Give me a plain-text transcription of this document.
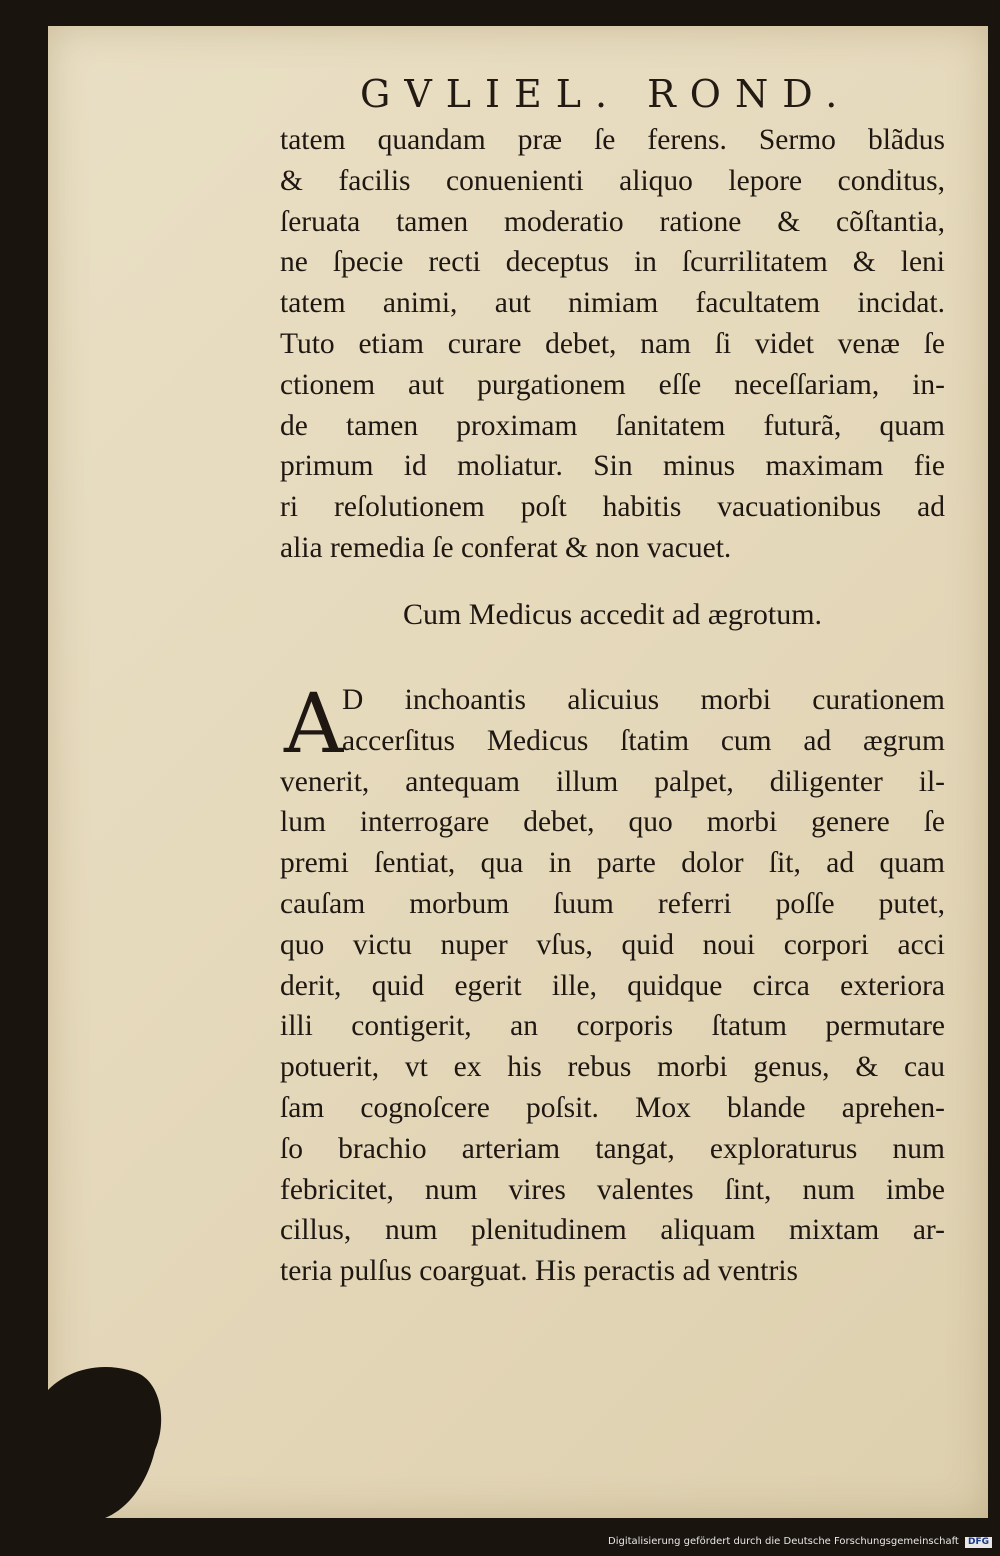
GVLIEL. ROND.
tatem quandam præ ſe ferens. Sermo blãdus
& facilis conuenienti aliquo lepore conditus,
ſeruata tamen moderatio ratione & cõſtantia,
ne ſpecie recti deceptus in ſcurrilitatem & leni
tatem animi, aut nimiam facultatem incidat.
Tuto etiam curare debet, nam ſi videt venæ ſe
ctionem aut purgationem eſſe neceſſariam, in-
de tamen proximam ſanitatem futurã, quam
primum id moliatur. Sin minus maximam fie
ri reſolutionem poſt habitis vacuationibus ad
alia remedia ſe conferat & non vacuet.
Cum Medicus accedit ad ægrotum.
A
D inchoantis alicuius morbi curationem
accerſitus Medicus ſtatim cum ad ægrum
venerit, antequam illum palpet, diligenter il-
lum interrogare debet, quo morbi genere ſe
premi ſentiat, qua in parte dolor ſit, ad quam
cauſam morbum ſuum referri poſſe putet,
quo victu nuper vſus, quid noui corpori acci
derit, quid egerit ille, quidque circa exteriora
illi contigerit, an corporis ſtatum permutare
potuerit, vt ex his rebus morbi genus, & cau
ſam cognoſcere poſsit. Mox blande aprehen-
ſo brachio arteriam tangat, exploraturus num
febricitet, num vires valentes ſint, num imbe
cillus, num plenitudinem aliquam mixtam ar-
teria pulſus coarguat. His peractis ad ventris
Digitalisierung gefördert durch die Deutsche Forschungsgemeinschaft DFG
